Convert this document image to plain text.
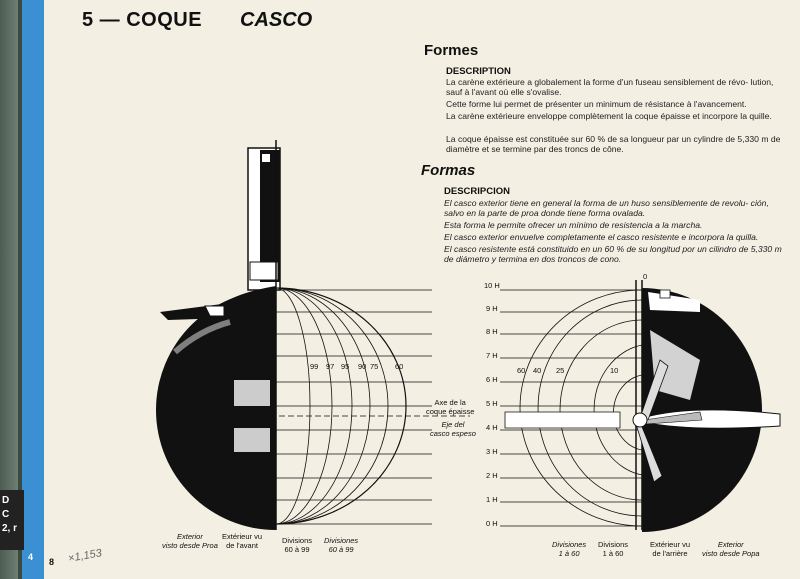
D
C
2, r
5 — COQUE CASCO
Formes
DESCRIPTION
La carène extérieure a globalement la forme d'un fuseau sensiblement de révo- lution, sauf à l'avant où elle s'ovalise.
Cette forme lui permet de présenter un minimum de résistance à l'avancement.
La carène extérieure enveloppe complètement la coque épaisse et incorpore la quille.
La coque épaisse est constituée sur 60 % de sa longueur par un cylindre de 5,330 m de diamètre et se termine par des troncs de cône.
Formas
DESCRIPCION
El casco exterior tiene en general la forma de un huso sensiblemente de revolu- ción, salvo en la parte de proa donde tiene forma ovalada.
Esta forma le permite ofrecer un mínimo de resistencia a la marcha.
El casco exterior envuelve completamente el casco resistente e incorpora la quilla.
El casco resistente está constituido en un 60 % de su longitud por un cilindro de 5,330 m de diámetro y termina en dos troncos de cono.
99 97 95 90 75 60
Axe de la
coque épaisse
Eje del
casco espeso
10 H
9 H
8 H
7 H
6 H
5 H
4 H
3 H
2 H
1 H
0 H
0
60 40 25	10
Exterior
visto desde Proa
Extérieur vu
de l'avant
Divisions
60 à 99
Divisiones
60 à 99
Divisiones
1 à 60
Divisions
1 à 60
Extérieur vu
de l'arrière
Exterior
visto desde Popa
4 8 ×1,153
